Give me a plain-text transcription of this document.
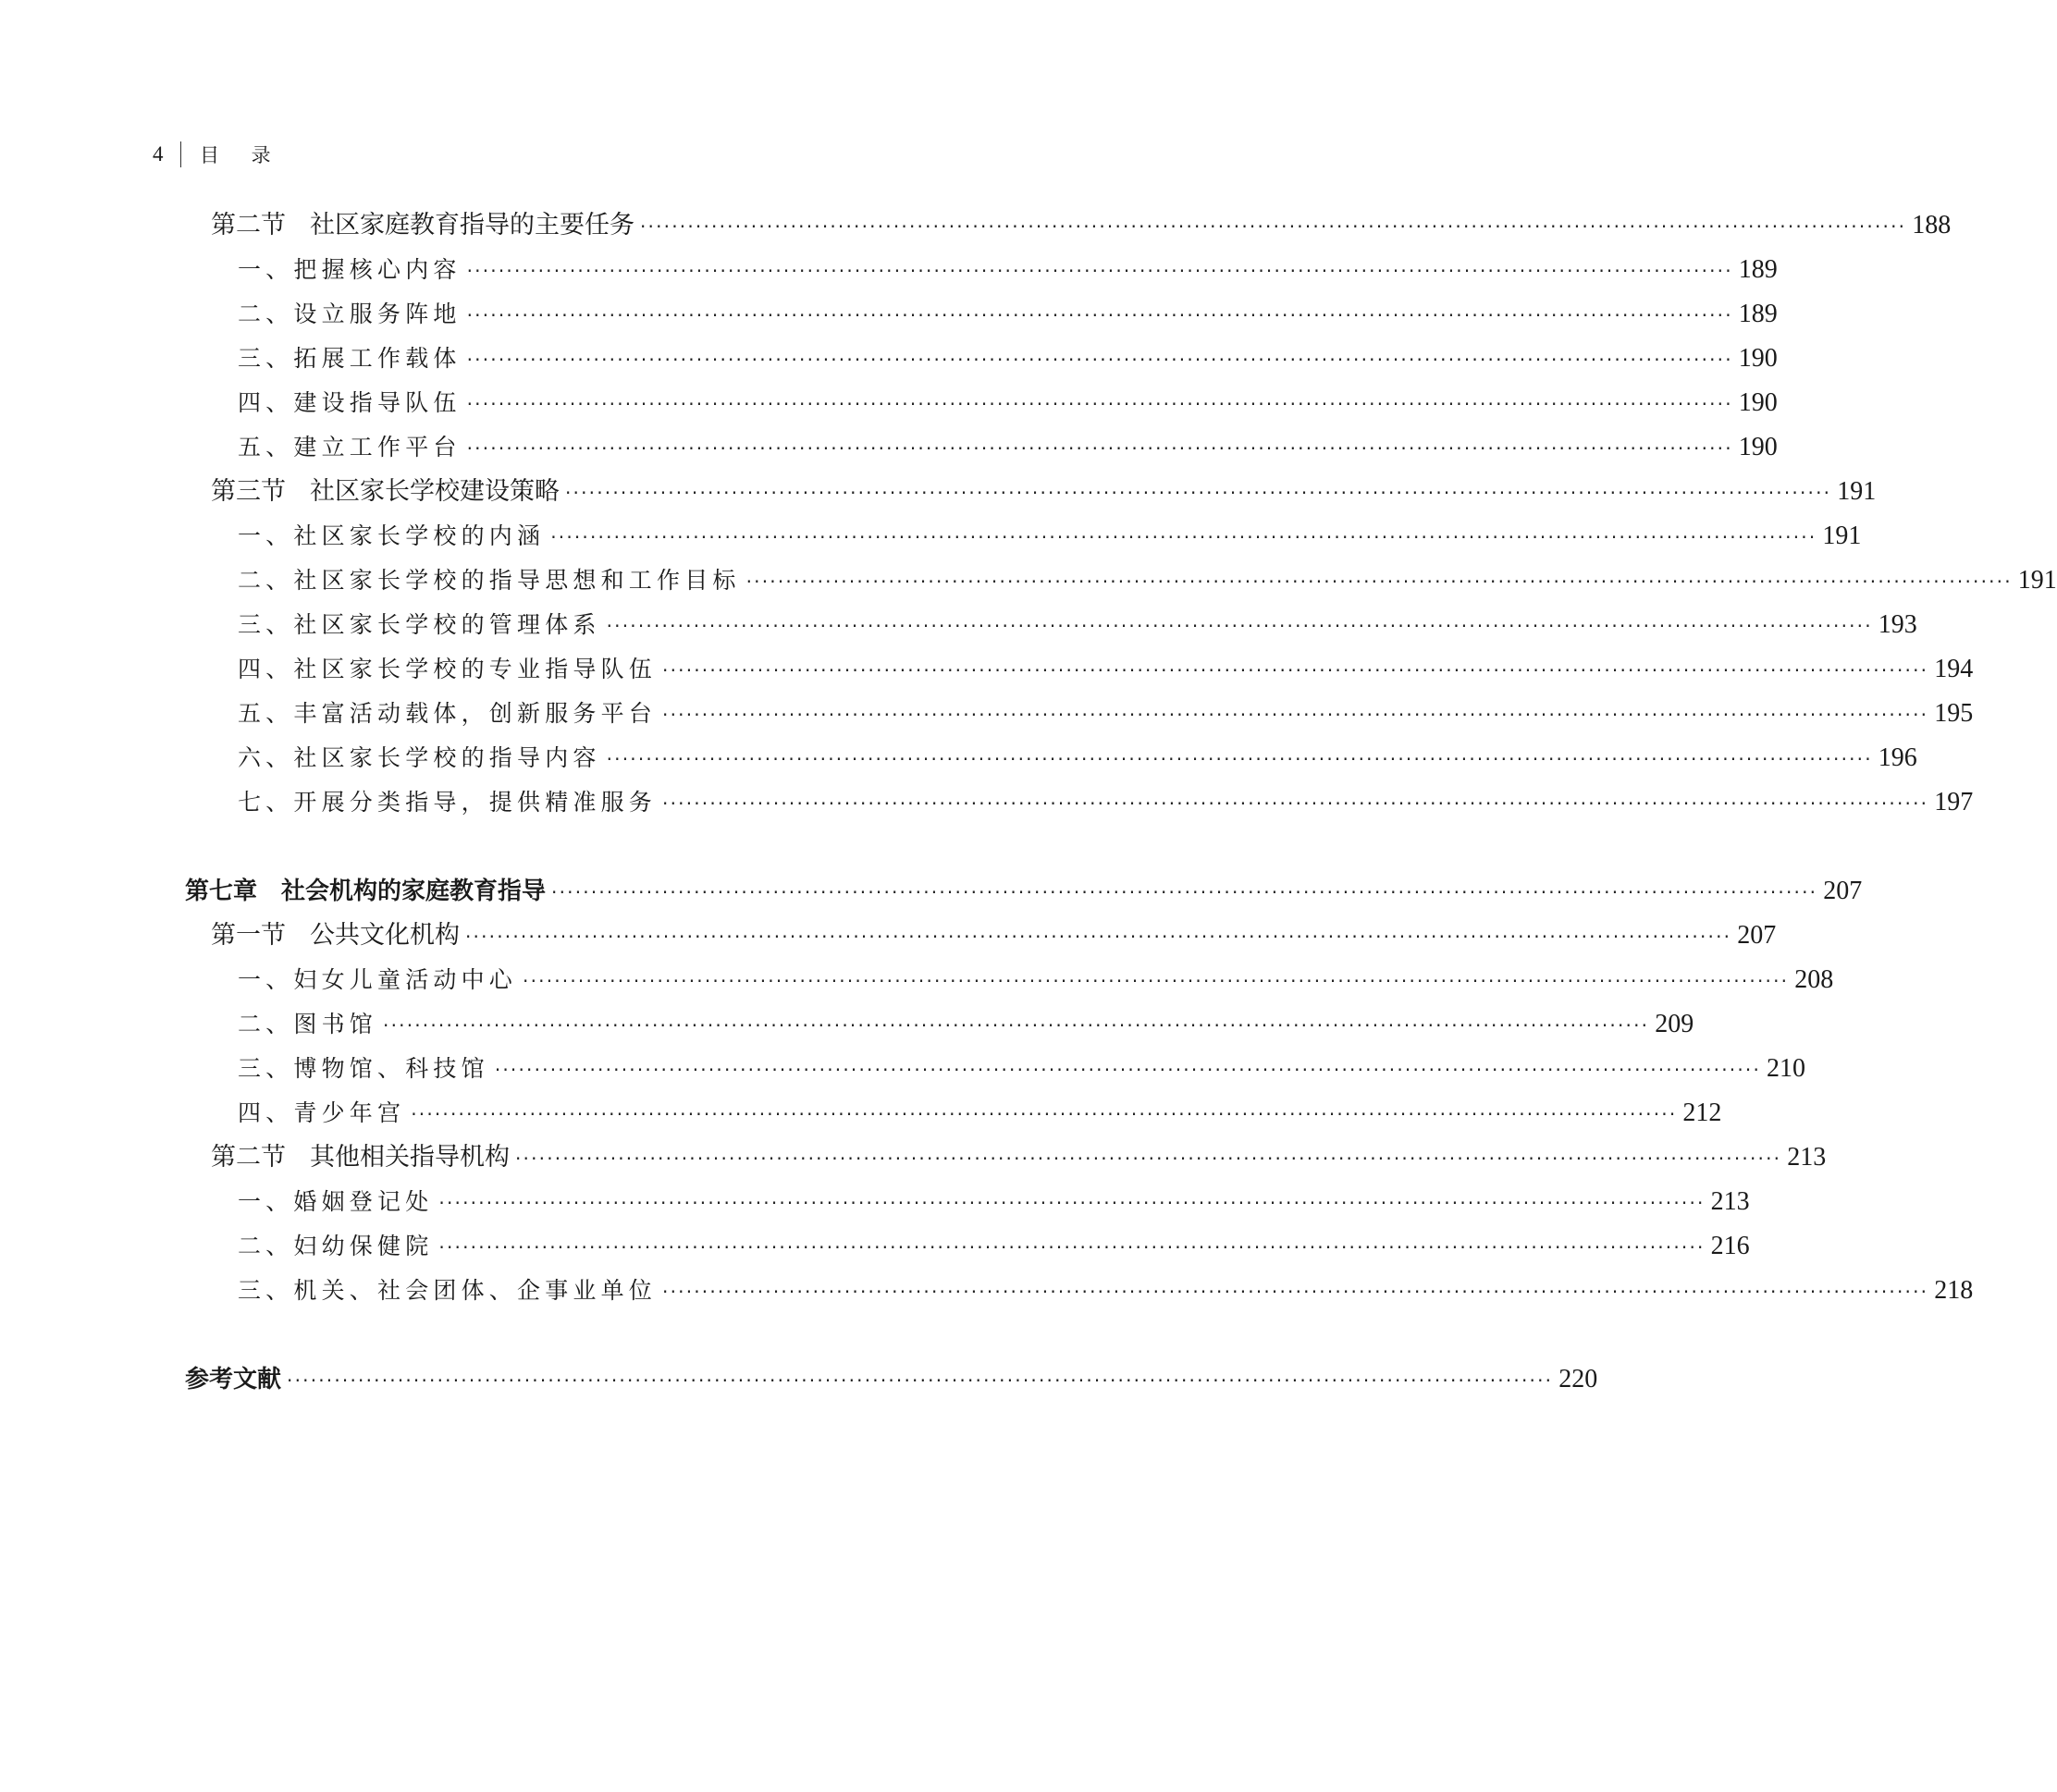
4 目 录
第二节 社区家庭教育指导的主要任务 ································································································································································ 188
一、把握核心内容 ································································································································································ 189
二、设立服务阵地 ································································································································································ 189
三、拓展工作载体 ································································································································································ 190
四、建设指导队伍 ································································································································································ 190
五、建立工作平台 ································································································································································ 190
第三节 社区家长学校建设策略 ································································································································································ 191
一、社区家长学校的内涵 ································································································································································ 191
二、社区家长学校的指导思想和工作目标 ································································································································································ 191
三、社区家长学校的管理体系 ································································································································································ 193
四、社区家长学校的专业指导队伍 ································································································································································ 194
五、丰富活动载体，创新服务平台 ································································································································································ 195
六、社区家长学校的指导内容 ································································································································································ 196
七、开展分类指导，提供精准服务 ································································································································································ 197
第七章 社会机构的家庭教育指导 ································································································································································ 207
第一节 公共文化机构 ································································································································································ 207
一、妇女儿童活动中心 ································································································································································ 208
二、图书馆 ································································································································································ 209
三、博物馆、科技馆 ································································································································································ 210
四、青少年宫 ································································································································································ 212
第二节 其他相关指导机构 ································································································································································ 213
一、婚姻登记处 ································································································································································ 213
二、妇幼保健院 ································································································································································ 216
三、机关、社会团体、企事业单位 ································································································································································ 218
参考文献 ································································································································································ 220
